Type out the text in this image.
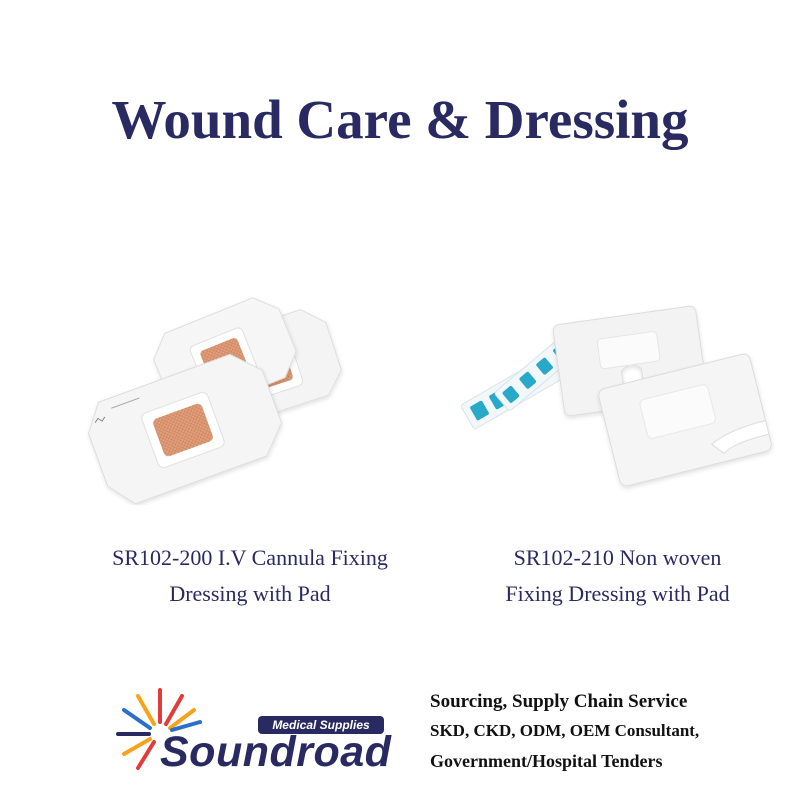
Wound Care & Dressing
SR102-200 I.V Cannula Fixing
Dressing with Pad
SR102-210 Non woven
Fixing Dressing with Pad
Medical Supplies
Soundroad
Sourcing, Supply Chain Service
SKD, CKD, ODM, OEM Consultant,
Government/Hospital Tenders
